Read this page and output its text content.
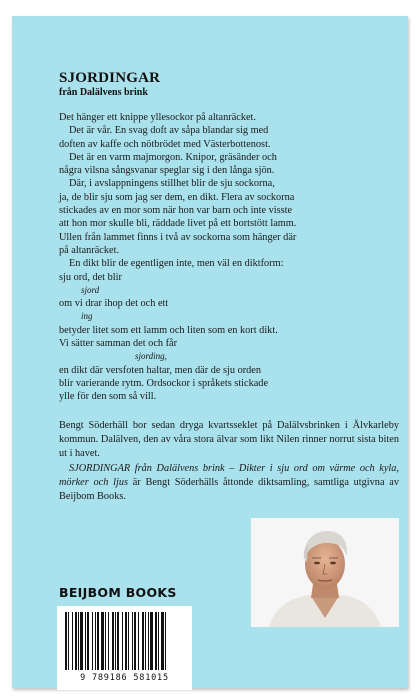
SJORDINGAR
från Dalälvens brink
Det hänger ett knippe yllesockor på altanräcket.
Det är vår. En svag doft av såpa blandar sig med
doften av kaffe och nötbrödet med Västerbottenost.
Det är en varm majmorgon. Knipor, gräsänder och
några vilsna sångsvanar speglar sig i den långa sjön.
Där, i avslappningens stillhet blir de sju sockorna,
ja, de blir sju som jag ser dem, en dikt. Flera av sockorna
stickades av en mor som när hon var barn och inte visste
att hon mor skulle bli, räddade livet på ett bortstött lamm.
Ullen från lammet finns i två av sockorna som hänger där
på altanräcket.
En dikt blir de egentligen inte, men väl en diktform:
sju ord, det blir
sjord
om vi drar ihop det och ett
ing
betyder litet som ett lamm och liten som en kort dikt.
Vi sätter samman det och får
sjording,
en dikt där versfoten haltar, men där de sju orden
blir varierande rytm. Ordsockor i språkets stickade
ylle för den som så vill.

Bengt Söderhäll bor sedan dryga kvartsseklet på Dalälvsbrinken i Älvkarleby kommun. Dalälven, den av våra stora älvar som likt Nilen rinner norrut sista biten ut i havet.

SJORDINGAR från Dalälvens brink – Dikter i sju ord om värme och kyla, mörker och ljus är Bengt Söderhälls åttonde diktsamling, samtliga utgivna av Beijbom Books.

BEIJBOM BOOKS
9 789186 581015
